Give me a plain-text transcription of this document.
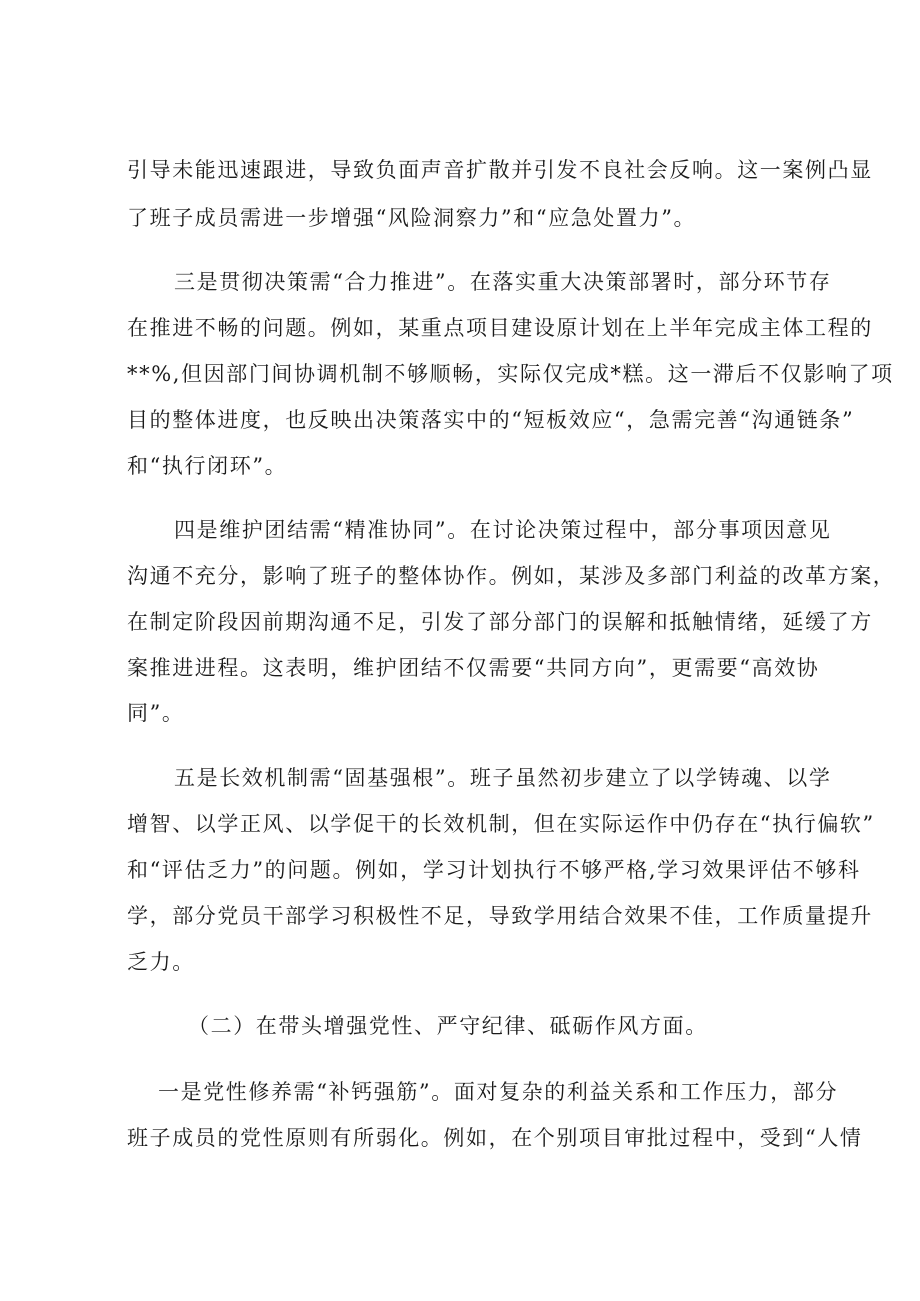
引导未能迅速跟进，导致负面声音扩散并引发不良社会反响。这一案例凸显
了班子成员需进一步增强“风险洞察力”和“应急处置力”。
三是贯彻决策需“合力推进”。在落实重大决策部署时，部分环节存
在推进不畅的问题。例如，某重点项目建设原计划在上半年完成主体工程的
**%,但因部门间协调机制不够顺畅，实际仅完成*糕。这一滞后不仅影响了项
目的整体进度，也反映出决策落实中的“短板效应“，急需完善“沟通链条”
和“执行闭环”。
四是维护团结需“精准协同”。在讨论决策过程中，部分事项因意见
沟通不充分，影响了班子的整体协作。例如，某涉及多部门利益的改革方案，
在制定阶段因前期沟通不足，引发了部分部门的误解和抵触情绪，延缓了方
案推进进程。这表明，维护团结不仅需要“共同方向”，更需要“高效协
同”。
五是长效机制需“固基强根”。班子虽然初步建立了以学铸魂、以学
增智、以学正风、以学促干的长效机制，但在实际运作中仍存在“执行偏软”
和“评估乏力”的问题。例如，学习计划执行不够严格,学习效果评估不够科
学，部分党员干部学习积极性不足，导致学用结合效果不佳，工作质量提升
乏力。
（二）在带头增强党性、严守纪律、砥砺作风方面。
一是党性修养需“补钙强筋”。面对复杂的利益关系和工作压力，部分
班子成员的党性原则有所弱化。例如，在个别项目审批过程中，受到“人情
